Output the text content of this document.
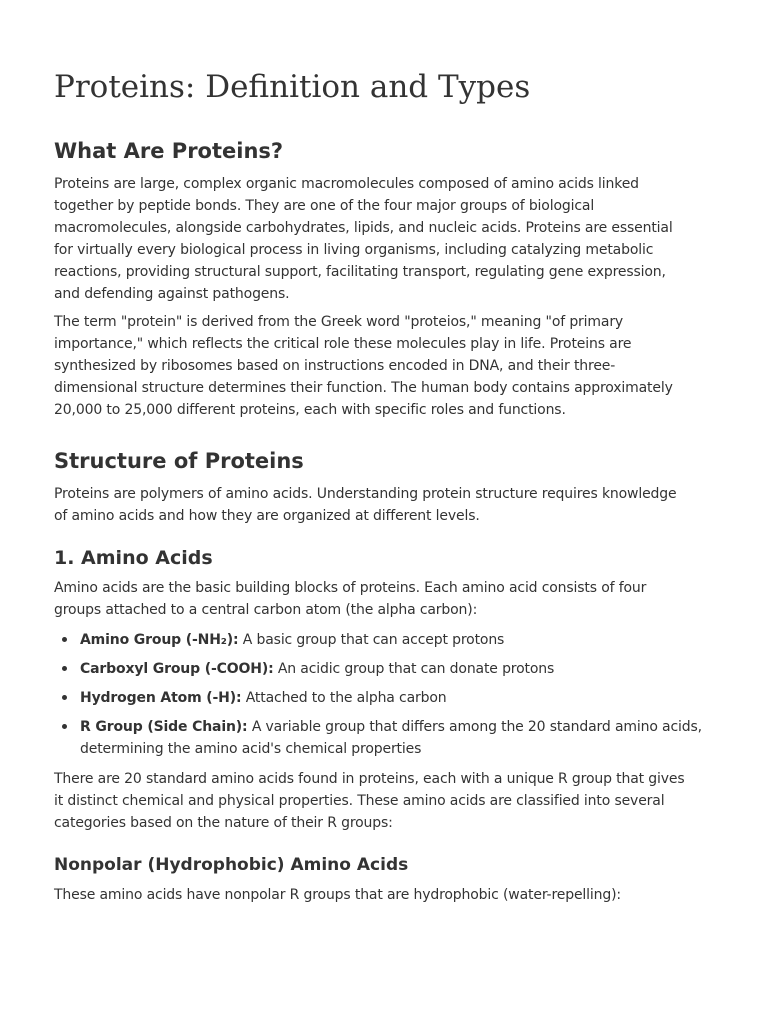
Proteins: Definition and Types
What Are Proteins?
Proteins are large, complex organic macromolecules composed of amino acids linked
together by peptide bonds. They are one of the four major groups of biological
macromolecules, alongside carbohydrates, lipids, and nucleic acids. Proteins are essential
for virtually every biological process in living organisms, including catalyzing metabolic
reactions, providing structural support, facilitating transport, regulating gene expression,
and defending against pathogens.
The term "protein" is derived from the Greek word "proteios," meaning "of primary
importance," which reflects the critical role these molecules play in life. Proteins are
synthesized by ribosomes based on instructions encoded in DNA, and their three-
dimensional structure determines their function. The human body contains approximately
20,000 to 25,000 different proteins, each with specific roles and functions.
Structure of Proteins
Proteins are polymers of amino acids. Understanding protein structure requires knowledge
of amino acids and how they are organized at different levels.
1. Amino Acids
Amino acids are the basic building blocks of proteins. Each amino acid consists of four
groups attached to a central carbon atom (the alpha carbon):
Amino Group (-NH₂): A basic group that can accept protons
Carboxyl Group (-COOH): An acidic group that can donate protons
Hydrogen Atom (-H): Attached to the alpha carbon
R Group (Side Chain): A variable group that differs among the 20 standard amino acids,
determining the amino acid's chemical properties
There are 20 standard amino acids found in proteins, each with a unique R group that gives
it distinct chemical and physical properties. These amino acids are classified into several
categories based on the nature of their R groups:
Nonpolar (Hydrophobic) Amino Acids
These amino acids have nonpolar R groups that are hydrophobic (water-repelling):
